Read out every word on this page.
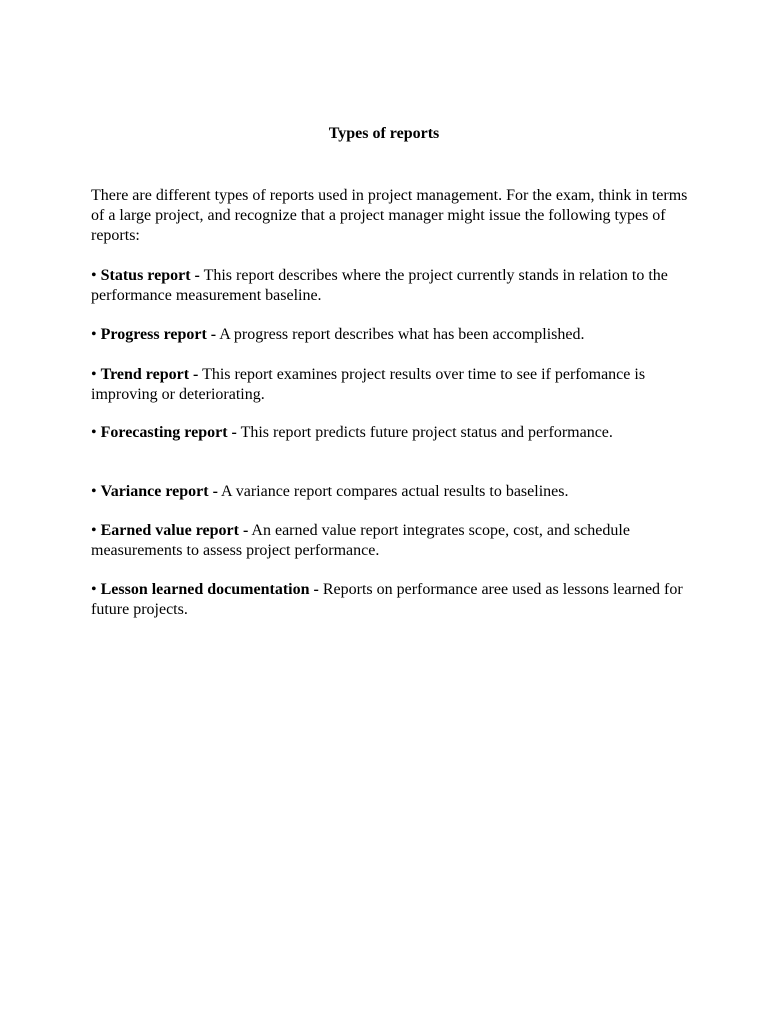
Types of reports

There are different types of reports used in project management. For the exam, think in terms of a large project, and recognize that a project manager might issue the following types of reports:

• Status report - This report describes where the project currently stands in relation to the performance measurement baseline.

• Progress report - A progress report describes what has been accomplished.

• Trend report - This report examines project results over time to see if perfomance is improving or deteriorating.

• Forecasting report - This report predicts future project status and performance.

• Variance report - A variance report compares actual results to baselines.

• Earned value report - An earned value report integrates scope, cost, and schedule measurements to assess project performance.

• Lesson learned documentation - Reports on performance aree used as lessons learned for future projects.
